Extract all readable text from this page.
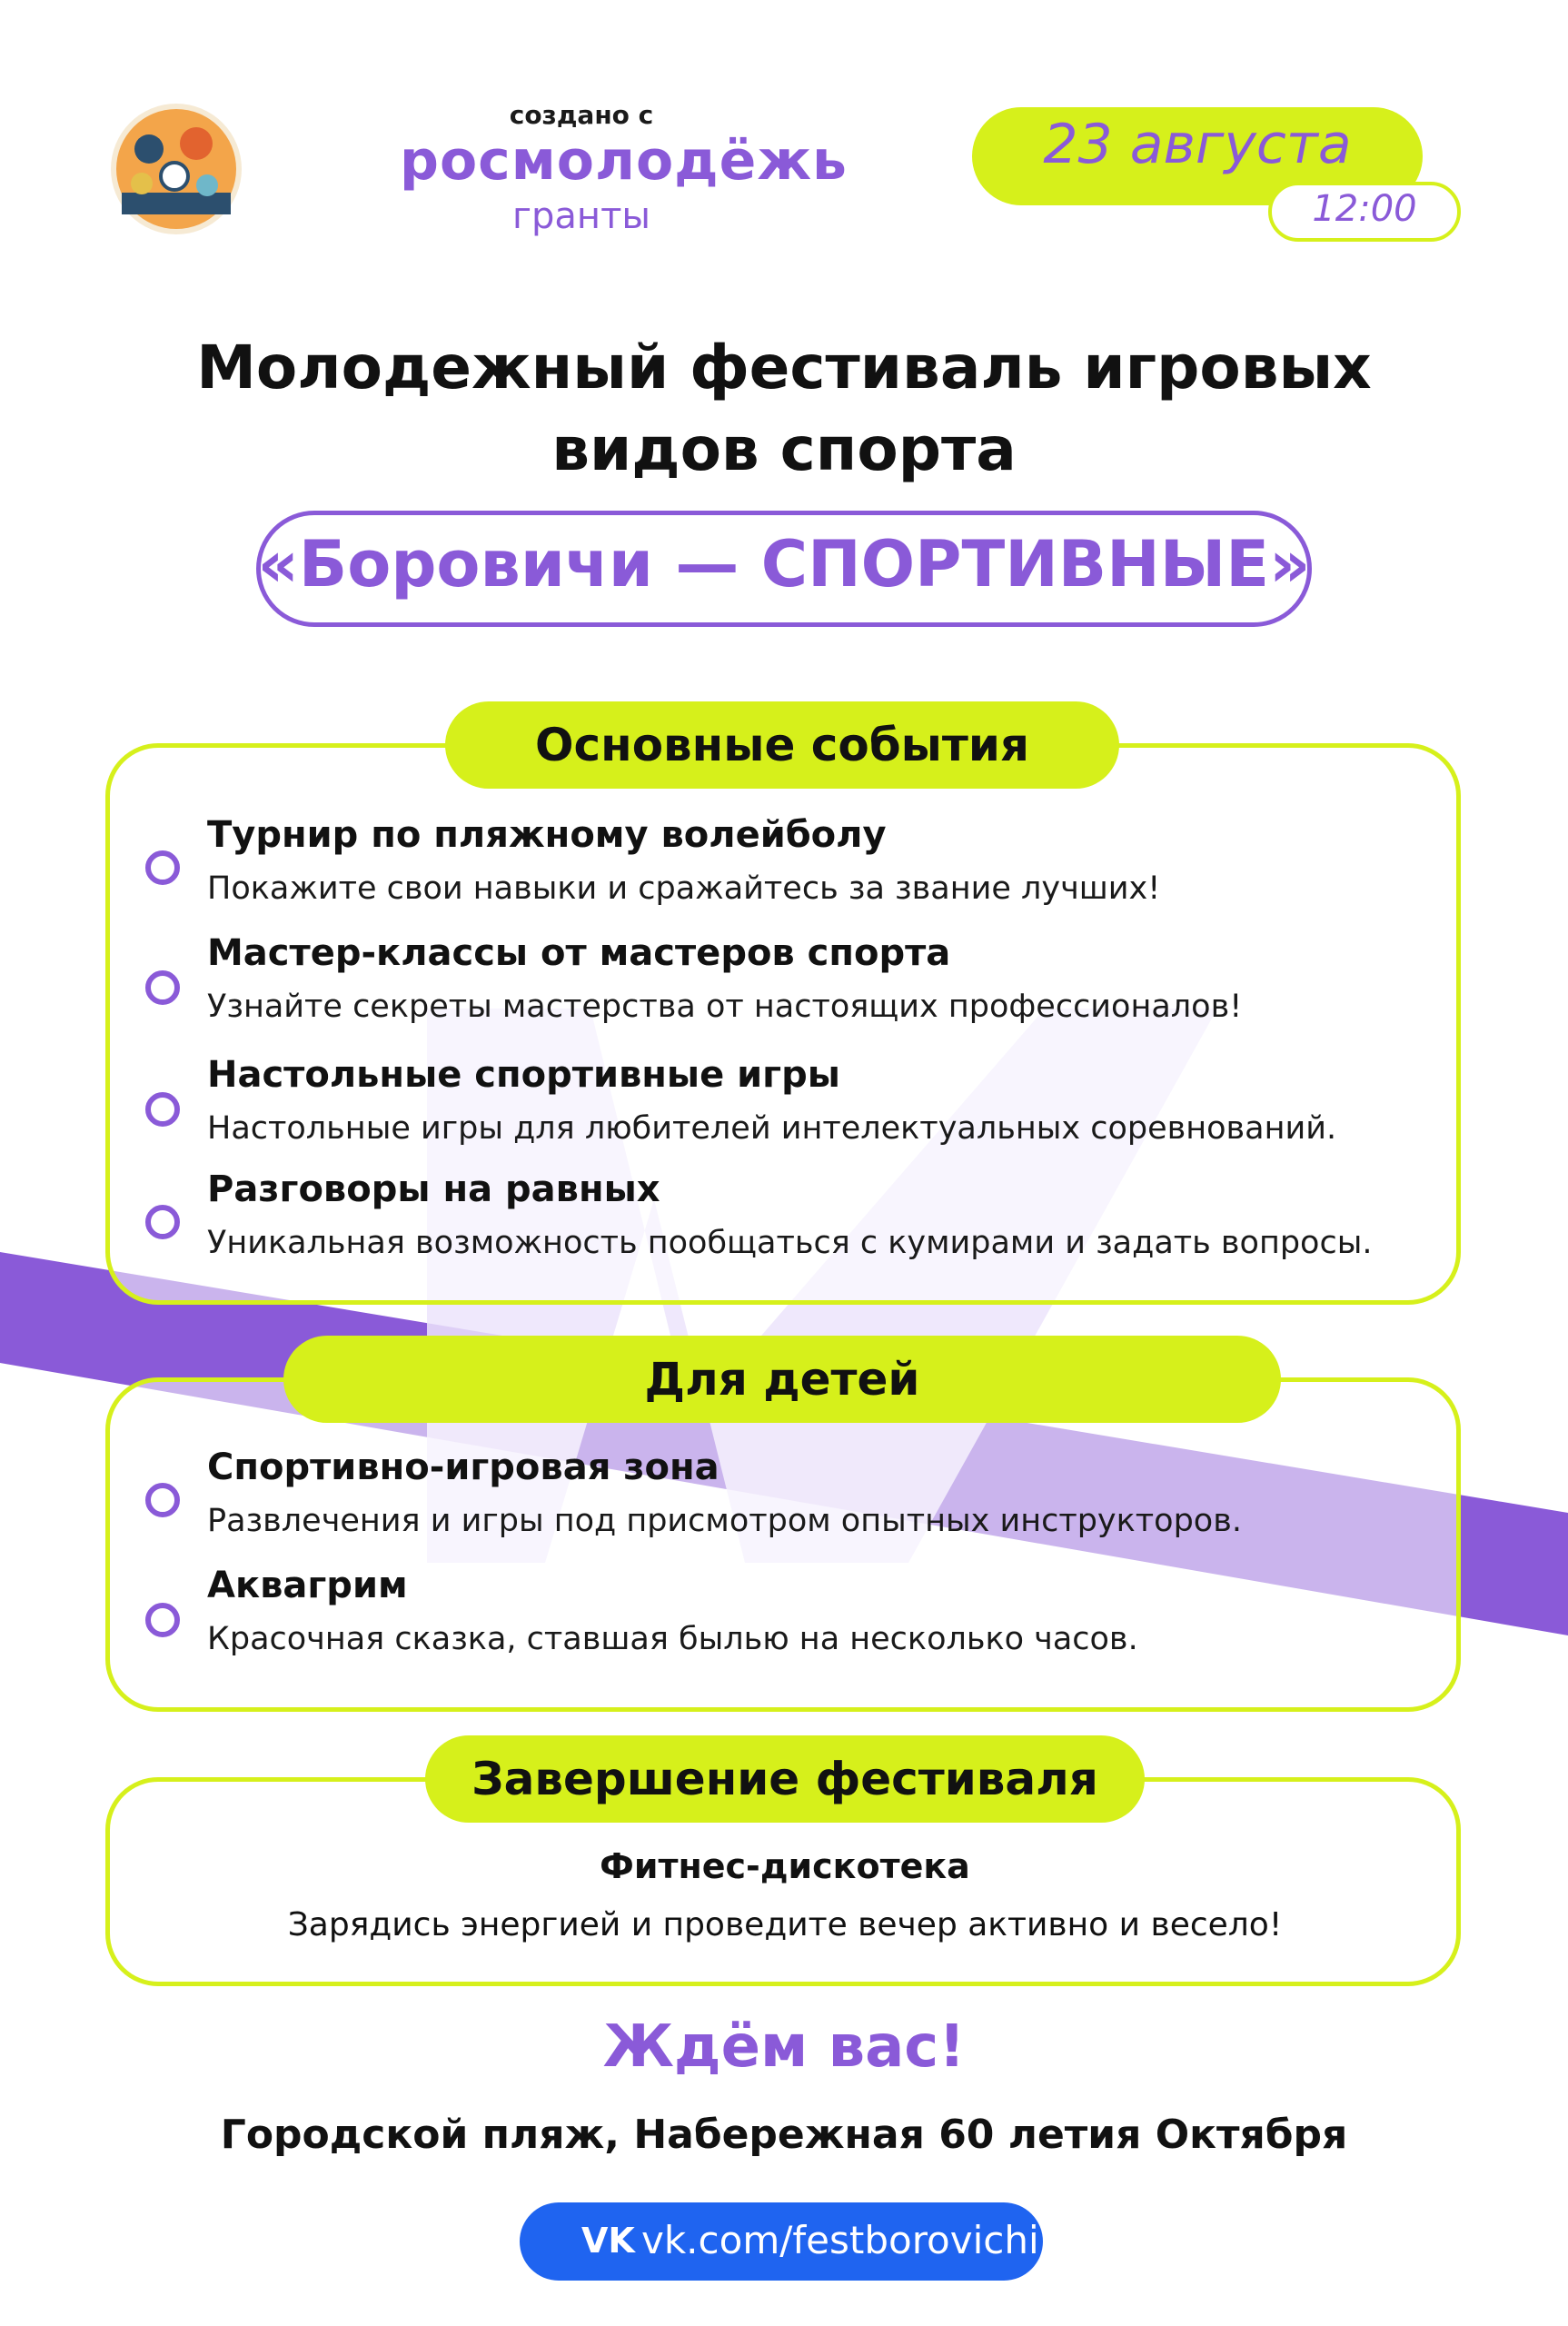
создано с
росмолодёжь
гранты
23 августа
12:00
Молодежный фестиваль игровых
видов спорта
«Боровичи — СПОРТИВНЫЕ»
Основные события
Турнир по пляжному волейболу
Покажите свои навыки и сражайтесь за звание лучших!
Мастер-классы от мастеров спорта
Узнайте секреты мастерства от настоящих профессионалов!
Настольные спортивные игры
Настольные игры для любителей интелектуальных соревнований.
Разговоры на равных
Уникальная возможность пообщаться с кумирами и задать вопросы.
Для детей
Спортивно-игровая зона
Развлечения и игры под присмотром опытных инструкторов.
Аквагрим
Красочная сказка, ставшая былью на несколько часов.
Завершение фестиваля
Фитнес-дискотека
Зарядись энергией и проведите вечер активно и весело!
Ждём вас!
Городской пляж, Набережная 60 летия Октября
VK vk.com/festborovichi
